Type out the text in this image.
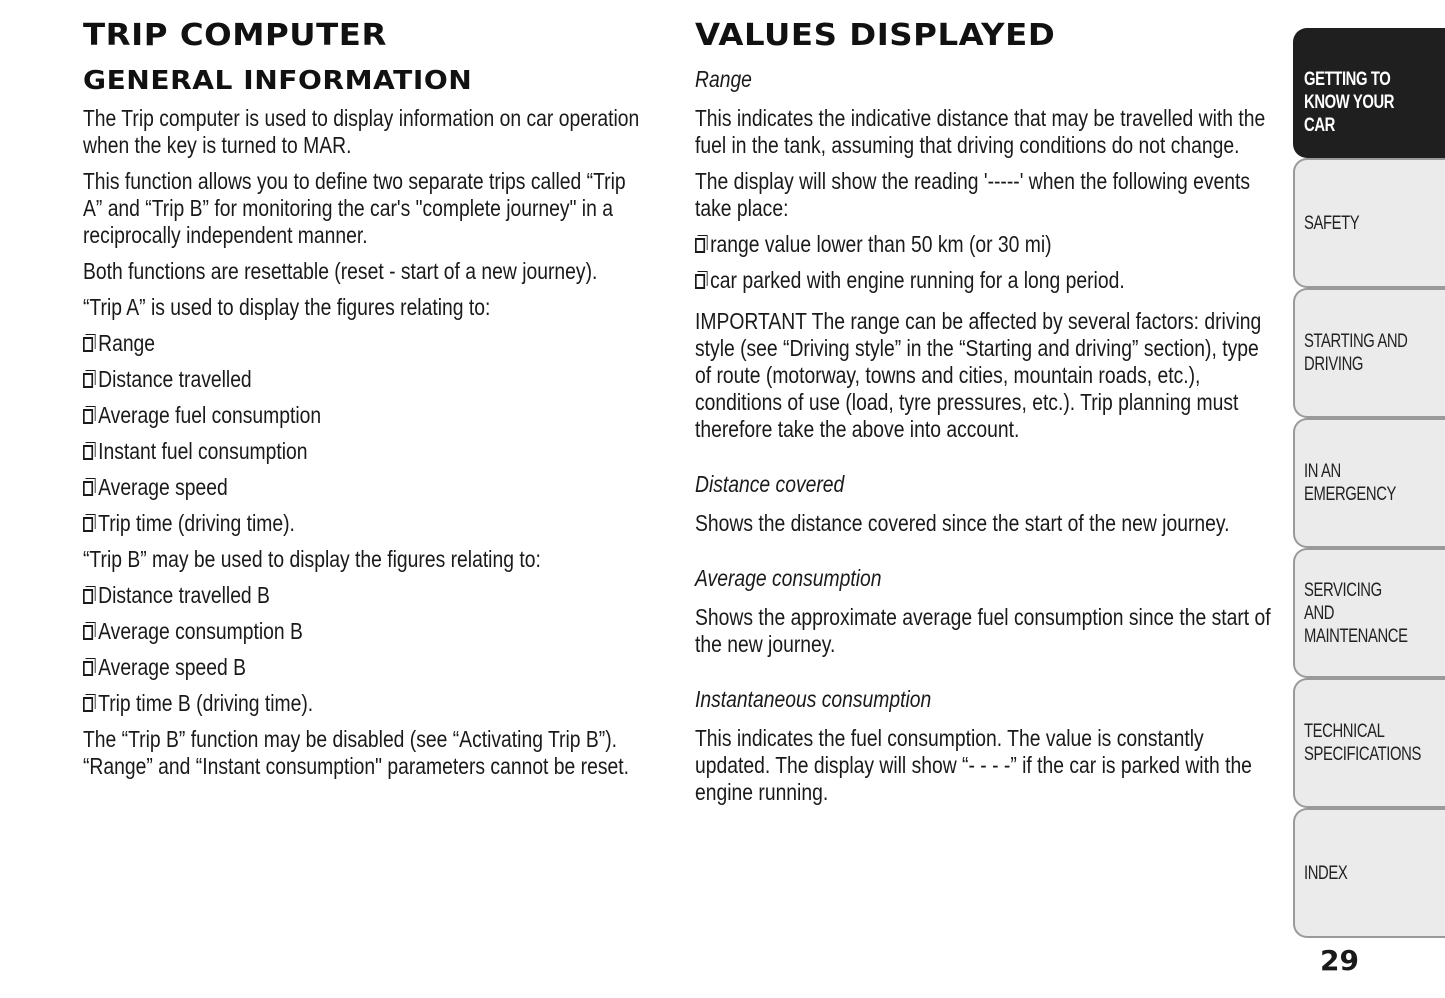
TRIP COMPUTER
GENERAL INFORMATION

The Trip computer is used to display information on car operation when the key is turned to MAR.

This function allows you to define two separate trips called “Trip A” and “Trip B” for monitoring the car's "complete journey" in a reciprocally independent manner.

Both functions are resettable (reset - start of a new journey).

“Trip A” is used to display the figures relating to:

Range
Distance travelled
Average fuel consumption
Instant fuel consumption
Average speed
Trip time (driving time).

“Trip B” may be used to display the figures relating to:

Distance travelled B
Average consumption B
Average speed B
Trip time B (driving time).

The “Trip B” function may be disabled (see “Activating Trip B”). “Range” and “Instant consumption" parameters cannot be reset.

VALUES DISPLAYED

Range

This indicates the indicative distance that may be travelled with the fuel in the tank, assuming that driving conditions do not change.

The display will show the reading '-----' when the following events take place:

range value lower than 50 km (or 30 mi)
car parked with engine running for a long period.

IMPORTANT The range can be affected by several factors: driving style (see “Driving style” in the “Starting and driving” section), type of route (motorway, towns and cities, mountain roads, etc.), conditions of use (load, tyre pressures, etc.). Trip planning must therefore take the above into account.

Distance covered

Shows the distance covered since the start of the new journey.

Average consumption

Shows the approximate average fuel consumption since the start of the new journey.

Instantaneous consumption

This indicates the fuel consumption. The value is constantly updated. The display will show “- - - -” if the car is parked with the engine running.

GETTING TO KNOW YOUR CAR
SAFETY
STARTING AND DRIVING
IN AN EMERGENCY
SERVICING AND MAINTENANCE
TECHNICAL SPECIFICATIONS
INDEX
29
